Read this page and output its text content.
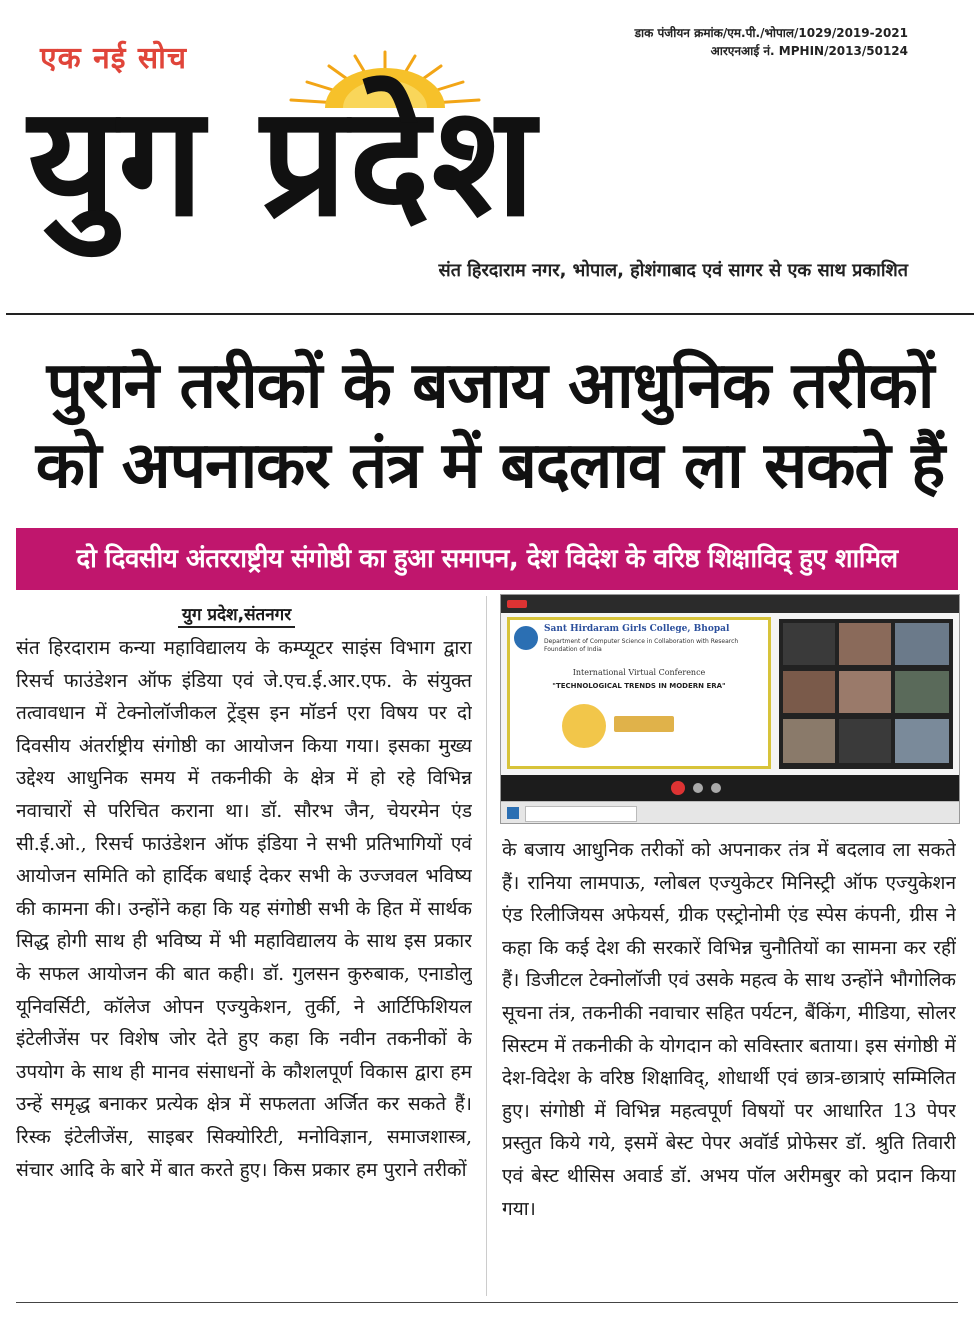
डाक पंजीयन क्रमांक/एम.पी./भोपाल/1029/2019-2021
आरएनआई नं. MPHIN/2013/50124
एक नई सोच
युग प्रदेश
संत हिरदाराम नगर, भोपाल, होशंगाबाद एवं सागर से एक साथ प्रकाशित
पुराने तरीकों के बजाय आधुनिक तरीकों
को अपनाकर तंत्र में बदलाव ला सकते हैं
दो दिवसीय अंतरराष्ट्रीय संगोष्ठी का हुआ समापन, देश विदेश के वरिष्ठ शिक्षाविद् हुए शामिल
युग प्रदेश,संतनगर
संत हिरदाराम कन्या महाविद्यालय के कम्प्यूटर साइंस विभाग द्वारा रिसर्च फाउंडेशन ऑफ इंडिया एवं जे.एच.ई.आर.एफ. के संयुक्त तत्वावधान में टेक्नोलॉजीकल ट्रेंड्स इन मॉडर्न एरा विषय पर दो दिवसीय अंतर्राष्ट्रीय संगोष्ठी का आयोजन किया गया। इसका मुख्य उद्देश्य आधुनिक समय में तकनीकी के क्षेत्र में हो रहे विभिन्न नवाचारों से परिचित कराना था। डॉ. सौरभ जैन, चेयरमेन एंड सी.ई.ओ., रिसर्च फाउंडेशन ऑफ इंडिया ने सभी प्रतिभागियों एवं आयोजन समिति को हार्दिक बधाई देकर सभी के उज्जवल भविष्य की कामना की। उन्होंने कहा कि यह संगोष्ठी सभी के हित में सार्थक सिद्ध होगी साथ ही भविष्य में भी महाविद्यालय के साथ इस प्रकार के सफल आयोजन की बात कही। डॉ. गुलसन कुरुबाक, एनाडोलु यूनिवर्सिटी, कॉलेज ओपन एज्युकेशन, तुर्की, ने आर्टिफिशियल इंटेलीजेंस पर विशेष जोर देते हुए कहा कि नवीन तकनीकों के उपयोग के साथ ही मानव संसाधनों के कौशलपूर्ण विकास द्वारा हम उन्हें समृद्ध बनाकर प्रत्येक क्षेत्र में सफलता अर्जित कर सकते हैं। रिस्क इंटेलीजेंस, साइबर सिक्योरिटी, मनोविज्ञान, समाजशास्त्र, संचार आदि के बारे में बात करते हुए। किस प्रकार हम पुराने तरीकों
Sant Hirdaram Girls College, Bhopal
Department of Computer Science in Collaboration with Research Foundation of India
International Virtual Conference
"TECHNOLOGICAL TRENDS IN MODERN ERA"
के बजाय आधुनिक तरीकों को अपनाकर तंत्र में बदलाव ला सकते हैं। रानिया लामपाऊ, ग्लोबल एज्युकेटर मिनिस्ट्री ऑफ एज्युकेशन एंड रिलीजियस अफेयर्स, ग्रीक एस्ट्रोनोमी एंड स्पेस कंपनी, ग्रीस ने कहा कि कई देश की सरकारें विभिन्न चुनौतियों का सामना कर रहीं हैं। डिजीटल टेक्नोलॉजी एवं उसके महत्व के साथ उन्होंने भौगोलिक सूचना तंत्र, तकनीकी नवाचार सहित पर्यटन, बैंकिंग, मीडिया, सोलर सिस्टम में तकनीकी के योगदान को सविस्तार बताया। इस संगोष्ठी में देश-विदेश के वरिष्ठ शिक्षाविद्, शोधार्थी एवं छात्र-छात्राएं सम्मिलित हुए। संगोष्ठी में विभिन्न महत्वपूर्ण विषयों पर आधारित 13 पेपर प्रस्तुत किये गये, इसमें बेस्ट पेपर अवॉर्ड प्रोफेसर डॉ. श्रुति तिवारी एवं बेस्ट थीसिस अवार्ड डॉ. अभय पॉल अरीमबुर को प्रदान किया गया।
